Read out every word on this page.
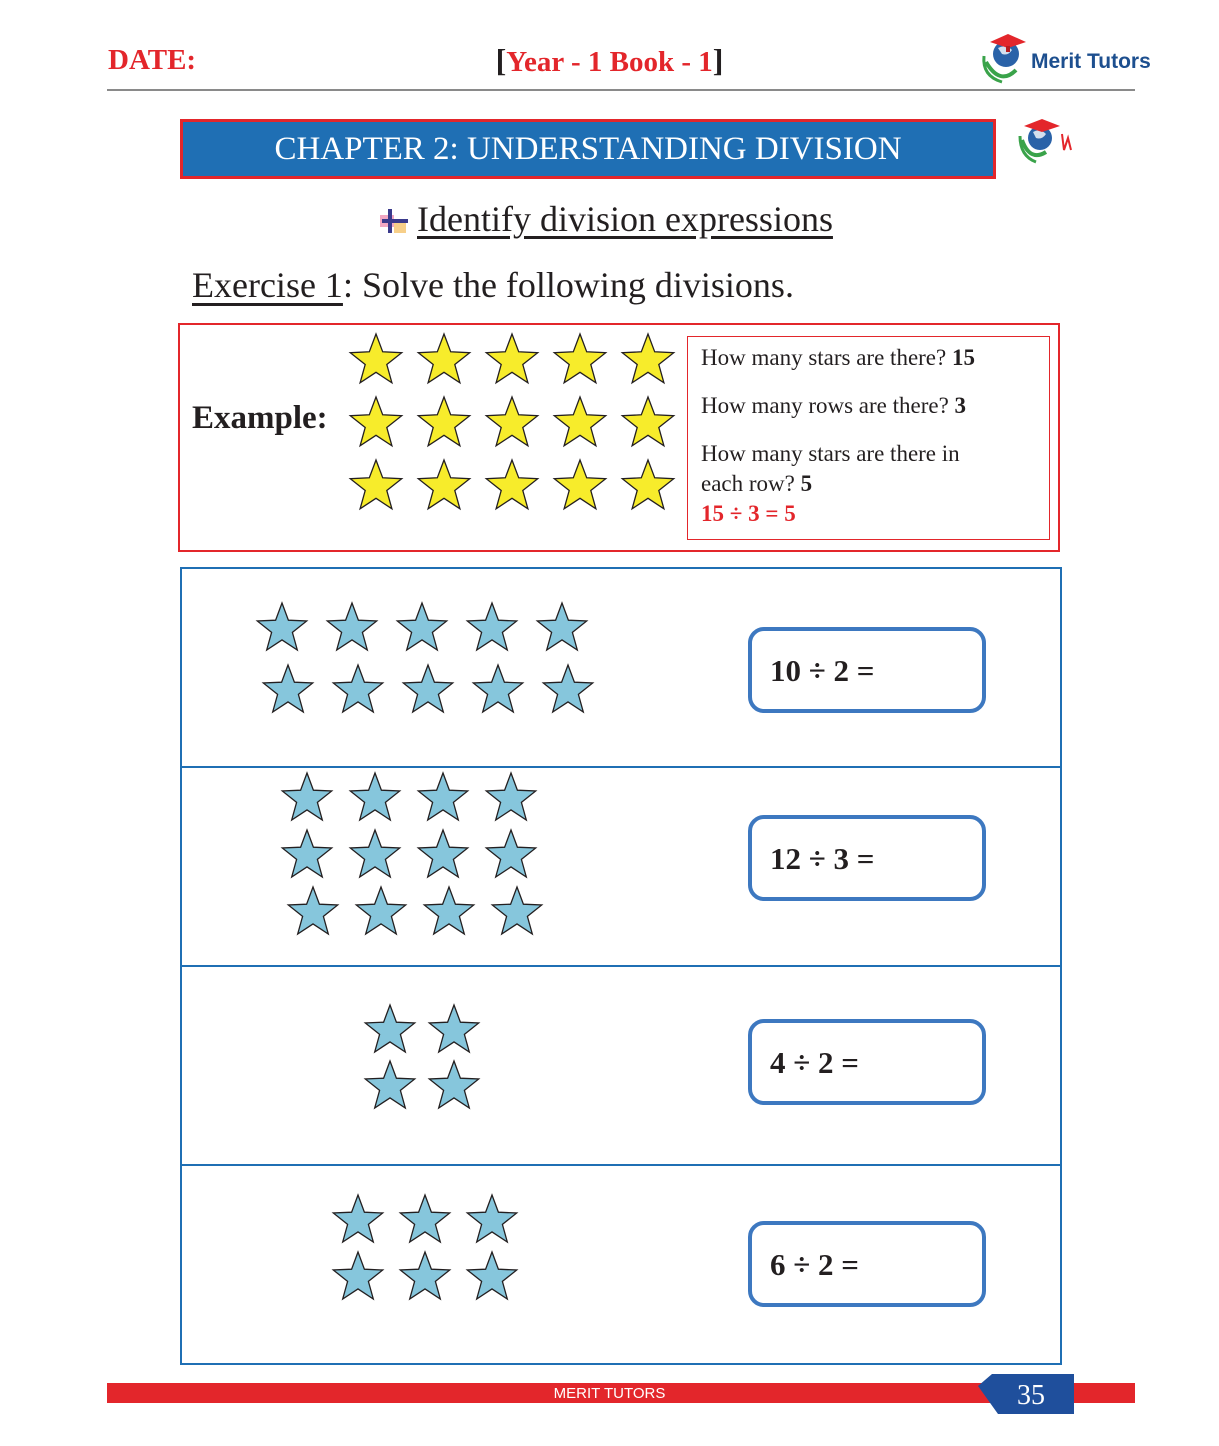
DATE:	[Year - 1 Book - 1]	Merit Tutors
CHAPTER 2: UNDERSTANDING DIVISION
Identify division expressions
Exercise 1: Solve the following divisions.
Example:
How many stars are there? 15
How many rows are there? 3
How many stars are there in
each row? 5
15 ÷ 3 = 5
10 ÷ 2 =
12 ÷ 3 =
4 ÷ 2 =
6 ÷ 2 =
MERIT TUTORS	35
